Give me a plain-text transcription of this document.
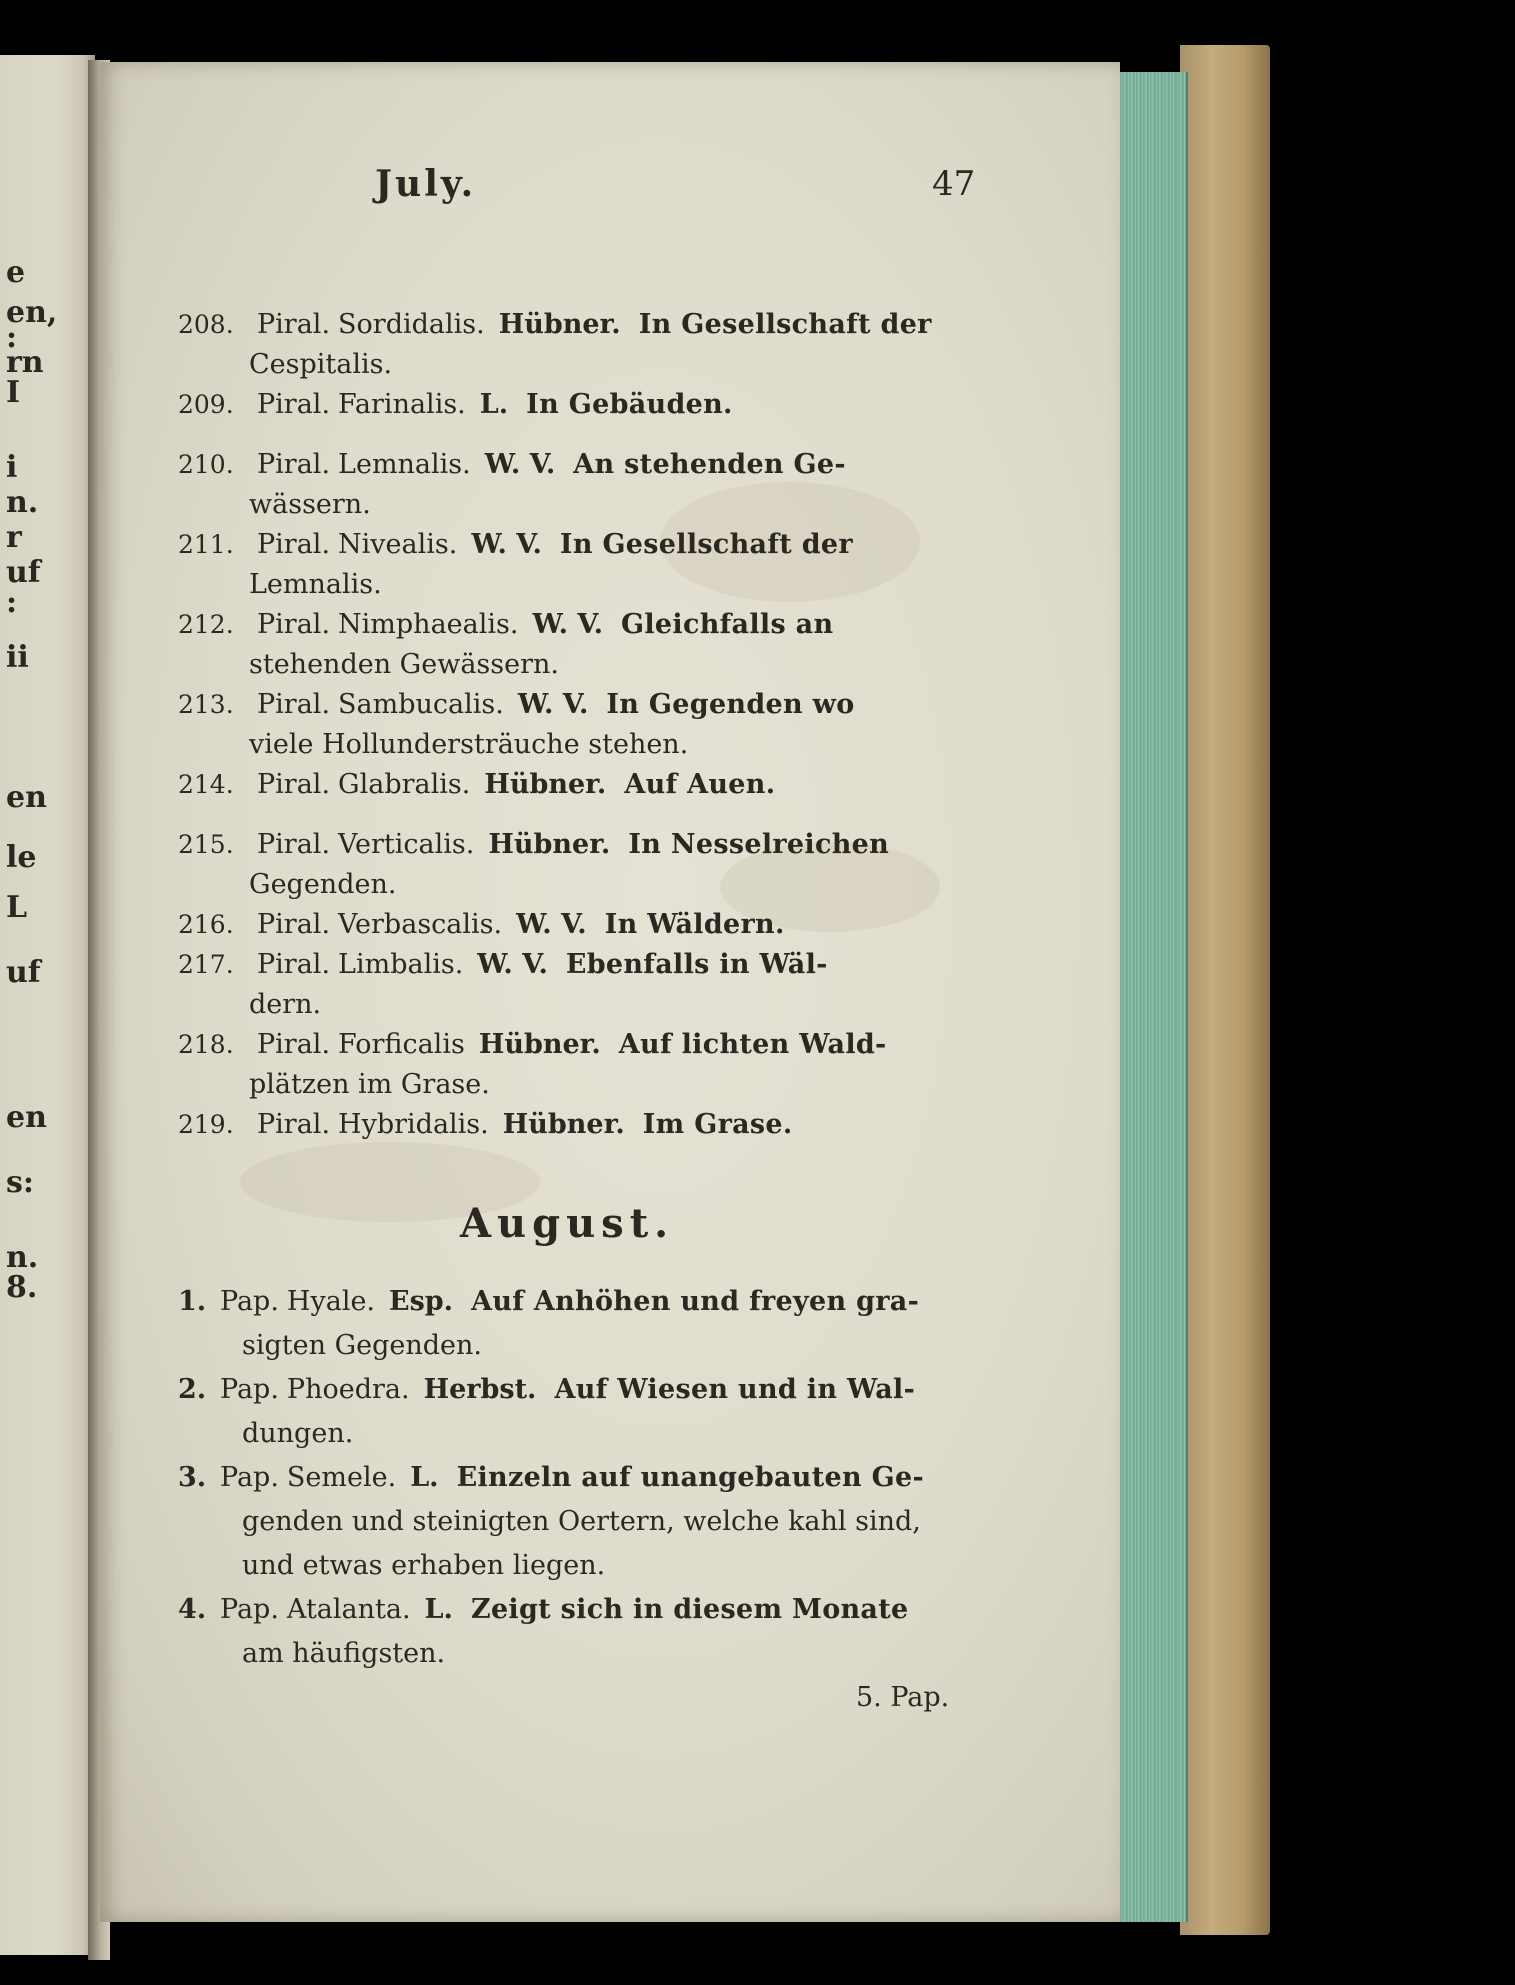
e
en,
:
rn
I
i
n.
r
uf
:
ii
en
le
L
uf
en
s:
n.
8.
July.	47
208. Piral. Sordidalis. Hübner. In Gesellschaft der
Cespitalis.
209. Piral. Farinalis. L. In Gebäuden.
210. Piral. Lemnalis. W. V. An stehenden Ge-
wässern.
211. Piral. Nivealis. W. V. In Gesellschaft der
Lemnalis.
212. Piral. Nimphaealis. W. V. Gleichfalls an
stehenden Gewässern.
213. Piral. Sambucalis. W. V. In Gegenden wo
viele Hollundersträuche stehen.
214. Piral. Glabralis. Hübner. Auf Auen.
215. Piral. Verticalis. Hübner. In Nesselreichen
Gegenden.
216. Piral. Verbascalis. W. V. In Wäldern.
217. Piral. Limbalis. W. V. Ebenfalls in Wäl-
dern.
218. Piral. Forficalis Hübner. Auf lichten Wald-
plätzen im Grase.
219. Piral. Hybridalis. Hübner. Im Grase.
August.
1. Pap. Hyale. Esp. Auf Anhöhen und freyen gra-
sigten Gegenden.
2. Pap. Phoedra. Herbst. Auf Wiesen und in Wal-
dungen.
3. Pap. Semele. L. Einzeln auf unangebauten Ge-
genden und steinigten Oertern, welche kahl sind,
und etwas erhaben liegen.
4. Pap. Atalanta. L. Zeigt sich in diesem Monate
am häufigsten.
5. Pap.
